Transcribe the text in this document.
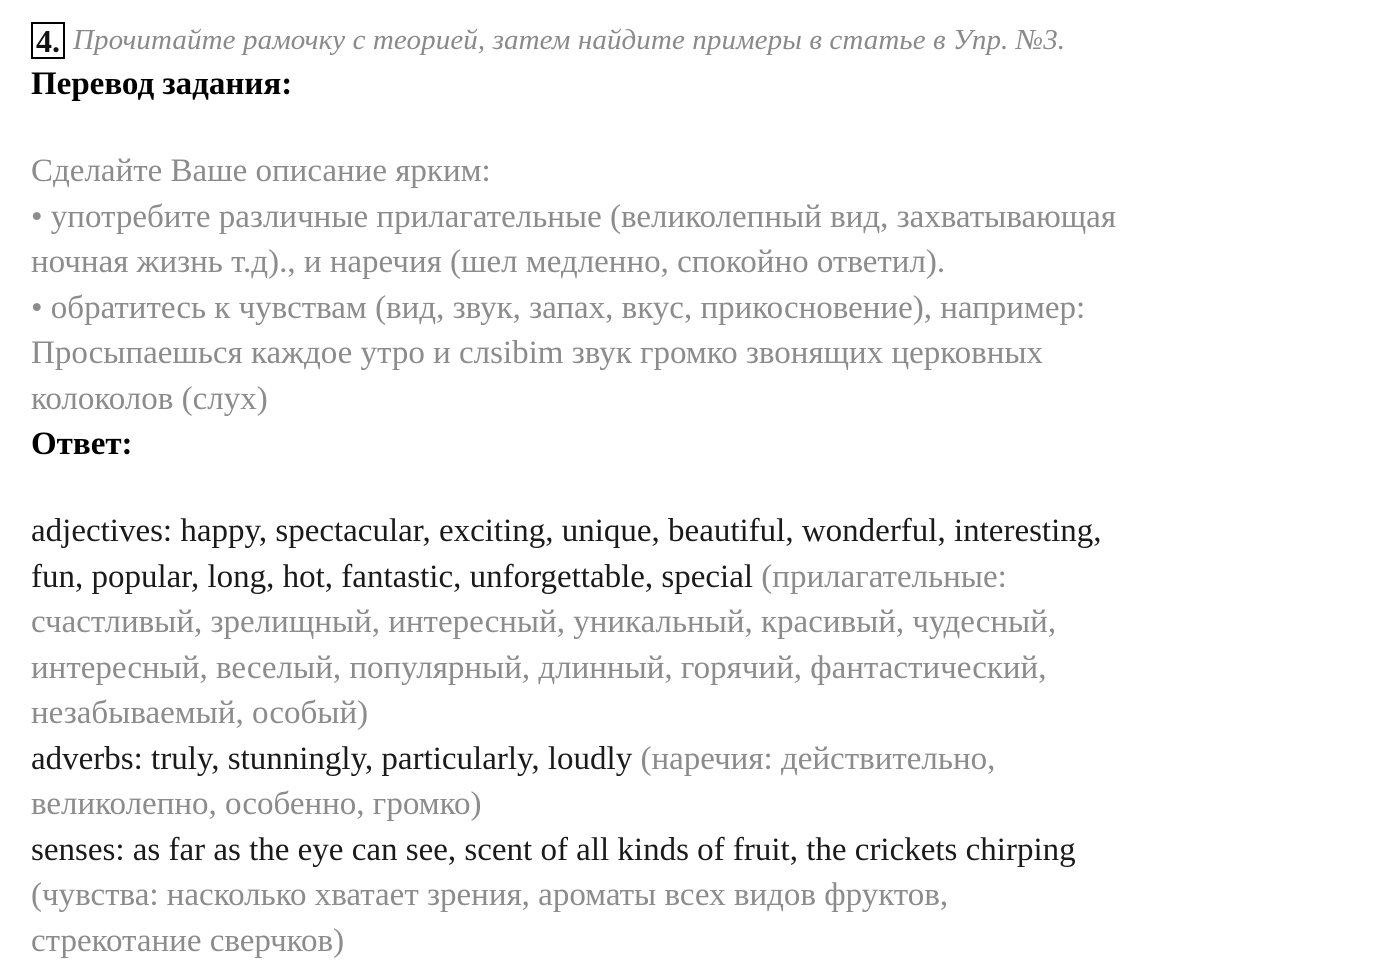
4. Прочитайте рамочку с теорией, затем найдите примеры в статье в Упр. №3.
Перевод задания:

Сделайте Ваше описание ярким:

• употребите различные прилагательные (великолепный вид, захватывающая

ночная жизнь т.д)., и наречия (шел медленно, спокойно ответил).

• обратитесь к чувствам (вид, звук, запах, вкус, прикосновение), например:

Просыпаешься каждое утро и слsibim звук громко звонящих церковных

колоколов (слух)

Ответ:

adjectives: happy, spectacular, exciting, unique, beautiful, wonderful, interesting,

fun, popular, long, hot, fantastic, unforgettable, special (прилагательные:

счастливый, зрелищный, интересный, уникальный, красивый, чудесный,

интересный, веселый, популярный, длинный, горячий, фантастический,

незабываемый, особый)

adverbs: truly, stunningly, particularly, loudly (наречия: действительно,

великолепно, особенно, громко)

senses: as far as the eye can see, scent of all kinds of fruit, the crickets chirping

(чувства: насколько хватает зрения, ароматы всех видов фруктов,

стрекотание сверчков)
